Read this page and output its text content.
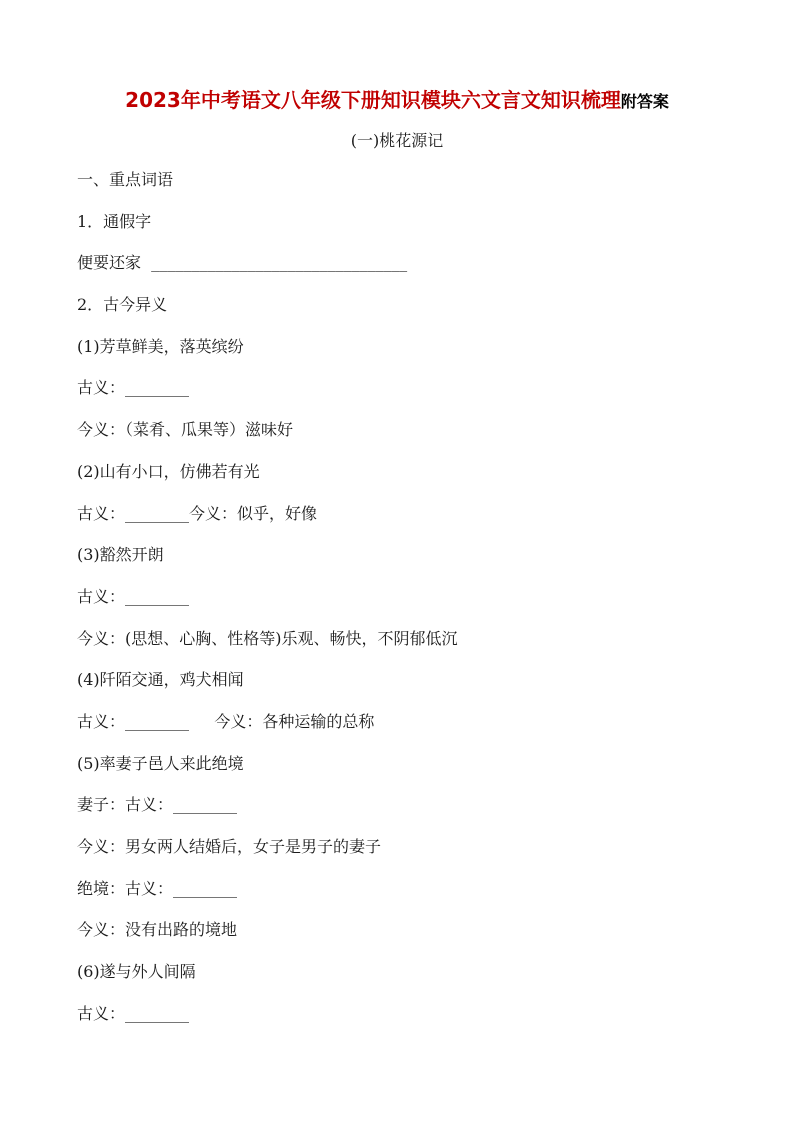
2023年中考语文八年级下册知识模块六文言文知识梳理附答案
(一)桃花源记
一、重点词语
1．通假字
便要还家  ________________________________
2．古今异义
(1)芳草鲜美，落英缤纷
古义：________
今义：（菜肴、瓜果等）滋味好
(2)山有小口，仿佛若有光
古义：________今义：似乎，好像
(3)豁然开朗
古义：________
今义：(思想、心胸、性格等)乐观、畅快，不阴郁低沉
(4)阡陌交通，鸡犬相闻
古义：________     今义：各种运输的总称
(5)率妻子邑人来此绝境
妻子：古义：________
今义：男女两人结婚后，女子是男子的妻子
绝境：古义：________
今义：没有出路的境地
(6)遂与外人间隔
古义：________
